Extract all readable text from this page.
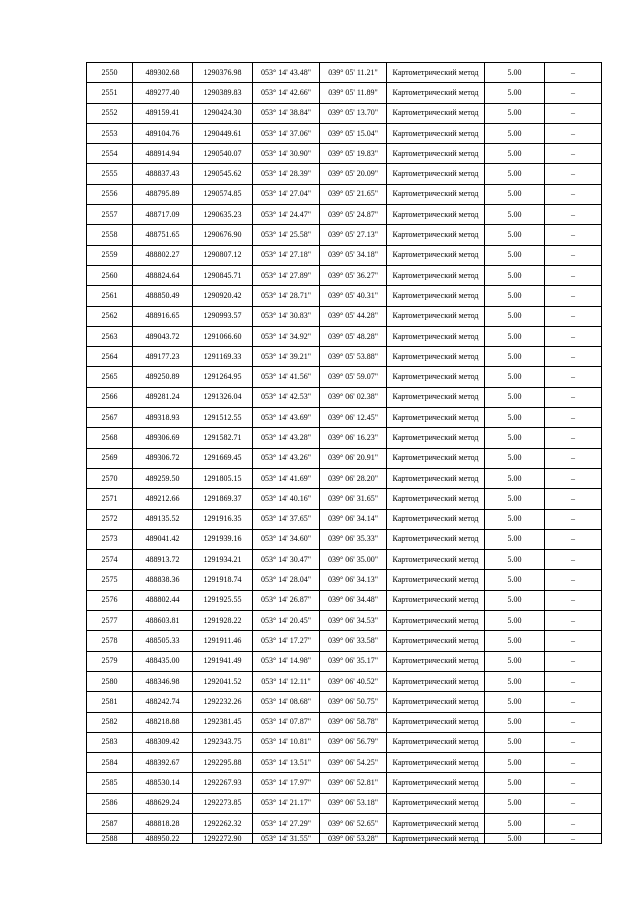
2550	489302.68	1290376.98	053° 14' 43.48"	039° 05' 11.21"	Картометрический метод	5.00	–
2551	489277.40	1290389.83	053° 14' 42.66"	039° 05' 11.89"	Картометрический метод	5.00	–
2552	489159.41	1290424.30	053° 14' 38.84"	039° 05' 13.70"	Картометрический метод	5.00	–
2553	489104.76	1290449.61	053° 14' 37.06"	039° 05' 15.04"	Картометрический метод	5.00	–
2554	488914.94	1290540.07	053° 14' 30.90"	039° 05' 19.83"	Картометрический метод	5.00	–
2555	488837.43	1290545.62	053° 14' 28.39"	039° 05' 20.09"	Картометрический метод	5.00	–
2556	488795.89	1290574.85	053° 14' 27.04"	039° 05' 21.65"	Картометрический метод	5.00	–
2557	488717.09	1290635.23	053° 14' 24.47"	039° 05' 24.87"	Картометрический метод	5.00	–
2558	488751.65	1290676.90	053° 14' 25.58"	039° 05' 27.13"	Картометрический метод	5.00	–
2559	488802.27	1290807.12	053° 14' 27.18"	039° 05' 34.18"	Картометрический метод	5.00	–
2560	488824.64	1290845.71	053° 14' 27.89"	039° 05' 36.27"	Картометрический метод	5.00	–
2561	488850.49	1290920.42	053° 14' 28.71"	039° 05' 40.31"	Картометрический метод	5.00	–
2562	488916.65	1290993.57	053° 14' 30.83"	039° 05' 44.28"	Картометрический метод	5.00	–
2563	489043.72	1291066.60	053° 14' 34.92"	039° 05' 48.28"	Картометрический метод	5.00	–
2564	489177.23	1291169.33	053° 14' 39.21"	039° 05' 53.88"	Картометрический метод	5.00	–
2565	489250.89	1291264.95	053° 14' 41.56"	039° 05' 59.07"	Картометрический метод	5.00	–
2566	489281.24	1291326.04	053° 14' 42.53"	039° 06' 02.38"	Картометрический метод	5.00	–
2567	489318.93	1291512.55	053° 14' 43.69"	039° 06' 12.45"	Картометрический метод	5.00	–
2568	489306.69	1291582.71	053° 14' 43.28"	039° 06' 16.23"	Картометрический метод	5.00	–
2569	489306.72	1291669.45	053° 14' 43.26"	039° 06' 20.91"	Картометрический метод	5.00	–
2570	489259.50	1291805.15	053° 14' 41.69"	039° 06' 28.20"	Картометрический метод	5.00	–
2571	489212.66	1291869.37	053° 14' 40.16"	039° 06' 31.65"	Картометрический метод	5.00	–
2572	489135.52	1291916.35	053° 14' 37.65"	039° 06' 34.14"	Картометрический метод	5.00	–
2573	489041.42	1291939.16	053° 14' 34.60"	039° 06' 35.33"	Картометрический метод	5.00	–
2574	488913.72	1291934.21	053° 14' 30.47"	039° 06' 35.00"	Картометрический метод	5.00	–
2575	488838.36	1291918.74	053° 14' 28.04"	039° 06' 34.13"	Картометрический метод	5.00	–
2576	488802.44	1291925.55	053° 14' 26.87"	039° 06' 34.48"	Картометрический метод	5.00	–
2577	488603.81	1291928.22	053° 14' 20.45"	039° 06' 34.53"	Картометрический метод	5.00	–
2578	488505.33	1291911.46	053° 14' 17.27"	039° 06' 33.58"	Картометрический метод	5.00	–
2579	488435.00	1291941.49	053° 14' 14.98"	039° 06' 35.17"	Картометрический метод	5.00	–
2580	488346.98	1292041.52	053° 14' 12.11"	039° 06' 40.52"	Картометрический метод	5.00	–
2581	488242.74	1292232.26	053° 14' 08.68"	039° 06' 50.75"	Картометрический метод	5.00	–
2582	488218.88	1292381.45	053° 14' 07.87"	039° 06' 58.78"	Картометрический метод	5.00	–
2583	488309.42	1292343.75	053° 14' 10.81"	039° 06' 56.79"	Картометрический метод	5.00	–
2584	488392.67	1292295.88	053° 14' 13.51"	039° 06' 54.25"	Картометрический метод	5.00	–
2585	488530.14	1292267.93	053° 14' 17.97"	039° 06' 52.81"	Картометрический метод	5.00	–
2586	488629.24	1292273.85	053° 14' 21.17"	039° 06' 53.18"	Картометрический метод	5.00	–
2587	488818.28	1292262.32	053° 14' 27.29"	039° 06' 52.65"	Картометрический метод	5.00	–
2588	488950.22	1292272.90	053° 14' 31.55"	039° 06' 53.28"	Картометрический метод	5.00	–
